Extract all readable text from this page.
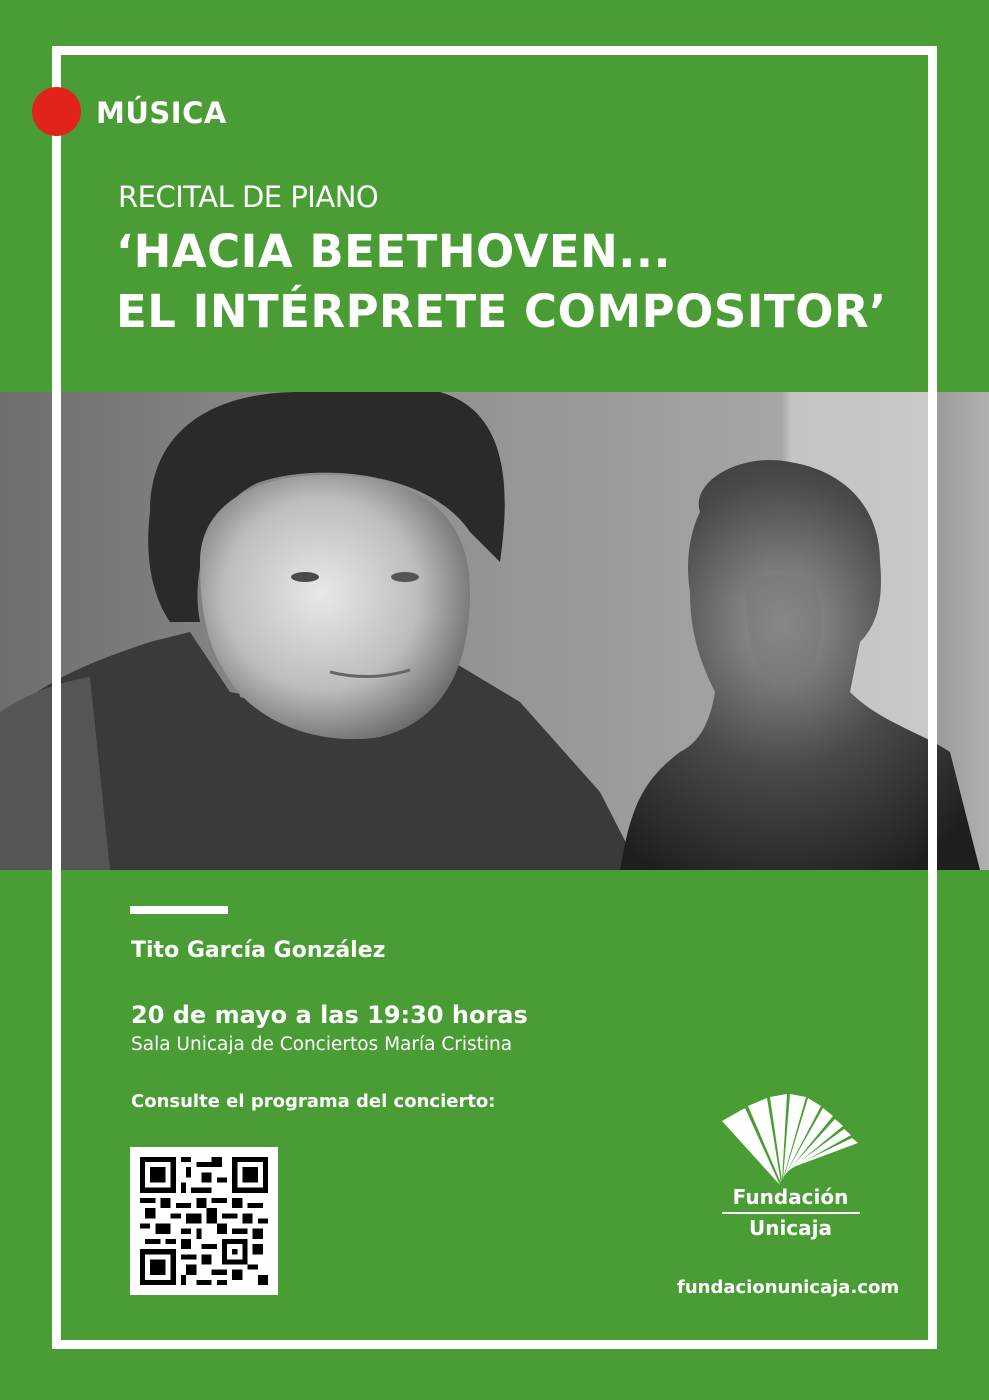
MÚSICA
RECITAL DE PIANO
‘HACIA BEETHOVEN...
EL INTÉRPRETE COMPOSITOR’
Tito García González
20 de mayo a las 19:30 horas
Sala Unicaja de Conciertos María Cristina
Consulte el programa del concierto:
Fundación
Unicaja
fundacionunicaja.com
